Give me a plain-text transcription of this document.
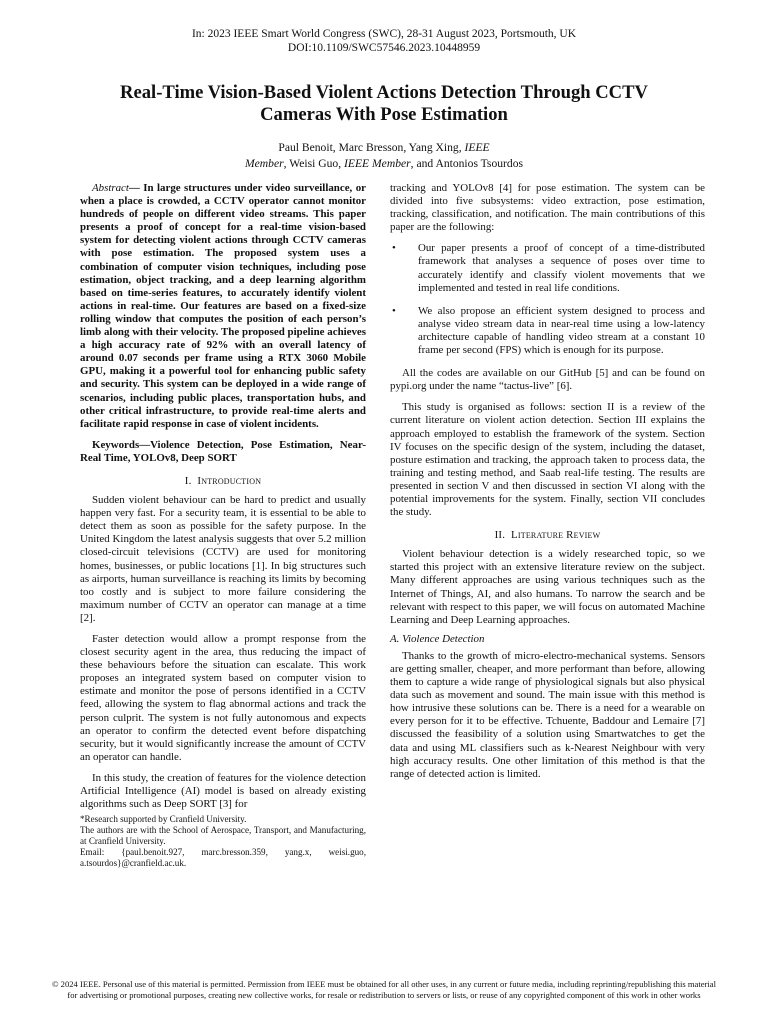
In: 2023 IEEE Smart World Congress (SWC), 28-31 August 2023, Portsmouth, UK
DOI:10.1109/SWC57546.2023.10448959
Real-Time Vision-Based Violent Actions Detection Through CCTV
Cameras With Pose Estimation
Paul Benoit, Marc Bresson, Yang Xing, IEEE
Member, Weisi Guo, IEEE Member, and Antonios Tsourdos

Abstract— In large structures under video surveillance, or when a place is crowded, a CCTV operator cannot monitor hundreds of people on different video streams. This paper presents a proof of concept for a real-time vision-based system for detecting violent actions through CCTV cameras with pose estimation. The proposed system uses a combination of computer vision techniques, including pose estimation, object tracking, and a deep learning algorithm based on time-series features, to accurately identify violent actions in real-time. Our features are based on a fixed-size rolling window that computes the position of each person’s limb along with their velocity. The proposed pipeline achieves a high accuracy rate of 92% with an overall latency of around 0.07 seconds per frame using a RTX 3060 Mobile GPU, making it a powerful tool for enhancing public safety and security. This system can be deployed in a wide range of scenarios, including public places, transportation hubs, and other critical infrastructure, to provide real-time alerts and facilitate rapid response in case of violent incidents.

Keywords—Violence Detection, Pose Estimation, Near-Real Time, YOLOv8, Deep SORT

I. Introduction

Sudden violent behaviour can be hard to predict and usually happen very fast. For a security team, it is essential to be able to detect them as soon as possible for the safety purpose. In the United Kingdom the latest analysis suggests that over 5.2 million closed-circuit televisions (CCTV) are used for monitoring homes, businesses, or public locations [1]. In big structures such as airports, human surveillance is reaching its limits by becoming too costly and is subject to more failure considering the maximum number of CCTV an operator can manage at a time [2].

Faster detection would allow a prompt response from the closest security agent in the area, thus reducing the impact of these behaviours before the situation can escalate. This work proposes an integrated system based on computer vision to estimate and monitor the pose of persons identified in a CCTV feed, allowing the system to flag abnormal actions and track the person culprit. The system is not fully autonomous and expects an operator to confirm the detected event before dispatching security, but it would significantly increase the amount of CCTV an operator can handle.

In this study, the creation of features for the violence detection Artificial Intelligence (AI) model is based on already existing algorithms such as Deep SORT [3] for

*Research supported by Cranfield University.

The authors are with the School of Aerospace, Transport, and Manufacturing, at Cranfield University.

Email: {paul.benoit.927, marc.bresson.359, yang.x, weisi.guo, a.tsourdos}@cranfield.ac.uk.

tracking and YOLOv8 [4] for pose estimation. The system can be divided into five subsystems: video extraction, pose estimation, tracking, classification, and notification. The main contributions of this paper are the following:

• Our paper presents a proof of concept of a time-distributed framework that analyses a sequence of poses over time to accurately identify and classify violent movements that we implemented and tested in real life conditions.
• We also propose an efficient system designed to process and analyse video stream data in near-real time using a low-latency architecture capable of handling video stream at a constant 10 frame per second (FPS) which is enough for its purpose.

All the codes are available on our GitHub [5] and can be found on pypi.org under the name “tactus-live” [6].

This study is organised as follows: section II is a review of the current literature on violent action detection. Section III explains the approach employed to establish the framework of the system. Section IV focuses on the specific design of the system, including the dataset, posture estimation and tracking, the approach taken to process data, the training and testing method, and Saab real-life testing. The results are presented in section V and then discussed in section VI along with the potential improvements for the system. Finally, section VII concludes the study.

II. Literature Review

Violent behaviour detection is a widely researched topic, so we started this project with an extensive literature review on the subject. Many different approaches are using various techniques such as the Internet of Things, AI, and also humans. To narrow the search and be relevant with respect to this paper, we will focus on automated Machine Learning and Deep Learning approaches.

A. Violence Detection

Thanks to the growth of micro-electro-mechanical systems. Sensors are getting smaller, cheaper, and more performant than before, allowing them to capture a wide range of physiological signals but also physical data such as movement and sound. The main issue with this method is how intrusive these solutions can be. There is a need for a wearable on every person for it to be effective. Tchuente, Baddour and Lemaire [7] discussed the feasibility of a solution using Smartwatches to get the data and using ML classifiers such as k-Nearest Neighbour with very high accuracy results. One other limitation of this method is that the range of detected action is limited.

© 2024 IEEE. Personal use of this material is permitted. Permission from IEEE must be obtained for all other uses, in any current or future media, including reprinting/republishing this material
for advertising or promotional purposes, creating new collective works, for resale or redistribution to servers or lists, or reuse of any copyrighted component of this work in other works
